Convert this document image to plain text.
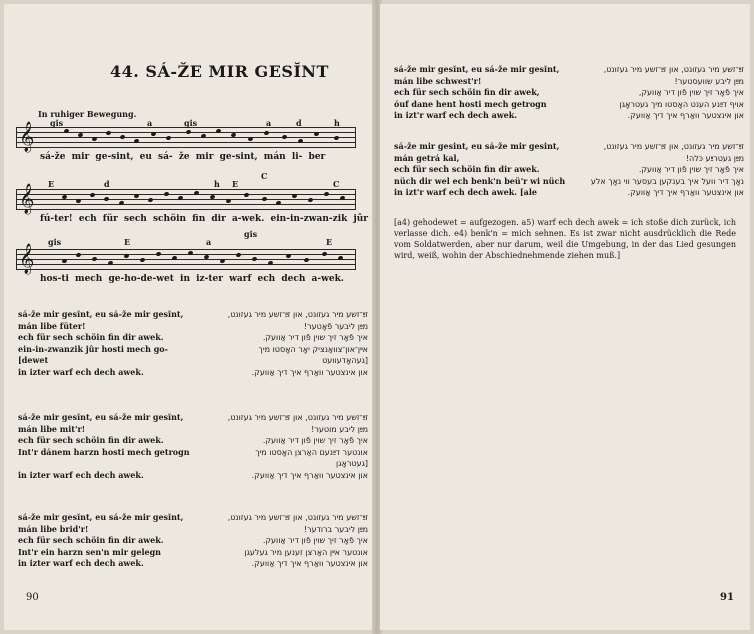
44. SÁ-ŽE MIR GESĬNT
In ruhiger Bewegung.
𝄞 gis	a	gis	a	d	h
sá-že mir ge-sint, eu sá- že mir ge-sint, mán li- ber
𝄞 E	d	h E
C
C
fú-ter! ech für sech schöin fin dir a-wek. ein-in-zwan-zik jûr
𝄞
gis	E	a
gis
E
hos-ti mech ge-ho-de-wet in iz-ter warf ech dech a-wek.
sá-že mir gesĭnt, eu sá-že mir gesĭnt,	זײַ־זשע מיר געזונט, און זײַ־זשע מיר געזונט,
mán libe füter!	מײַן ליבער פֿאָטער!
ech für sech schöin fin dir awek.	איך פֿאָר זיך שוין פֿון דיר אַוועק.
ein-in-zwanzik jûr hosti mech go-	אײן־און־צוואַנציק יאָר האָסטו מיך
[dewet	[געהאָדעוועט
in izter warf ech dech awek.	און אינצטער וואַרף איך דיך אַוועק.
sá-že mir gesĭnt, eu sá-že mir gesĭnt,	זײַ־זשע מיר געזונט, און זײַ־זשע מיר געזונט,
mán libe mit'r!	מײַן ליבע מוטער!
ech für sech schöin fin dir awek.	איך פֿאָר זיך שוין פֿון דיר אַוועק.
Int'r dánem harzn hosti mech getrogn	אונטער דײַנעם האַרצן האָסטו מיך
[געטראָגן
in izter warf ech dech awek.	און אינצטער וואַרף איך דיך אַוועק.
sá-že mir gesĭnt, eu sá-že mir gesĭnt,	זײַ־זשע מיר געזונט, און זײַ־זשע מיר געזונט,
mán libe brid'r!	מײַן ליבער ברודער!
ech für sech schöin fin dir awek.	איך פֿאָר זיך שוין פֿון דיר אַוועק.
Int'r ein harzn sen'n mir gelegn	אונטער אײן האַרצן זענען מיר געלעגן
in izter warf ech dech awek.	און אינצטער וואַרף איך דיך אַוועק.
90
sá-že mir gesĭnt, eu sá-že mir gesĭnt,	זײַ־זשע מיר געזונט, און זײַ־זשע מיר געזונט,
mán libe schwest'r!	מײַן ליבע שוועסטער!
ech für sech schöin fin dir awek,	איך פֿאָר זיך שוין פֿון דיר אַוועק,
óuf dane hent hosti mech getrogn	אויף דײַנע הענט האָסטו מיך געטראָגן
in izt'r warf ech dech awek.	און אינצטער וואַרף איך דיך אַוועק.
sá-že mir gesint, eu sá-že mir gesint,	זײַ־זשע מיר געזונט, און זײַ־זשע מיר געזונט,
mán getrá kal,	מײַן געטרײַע כּלה!
ech für sech schöin fin dir awek.	איך פֿאָר זיך שוין פֿון דיר אַוועק.
nüch dir wel ech benk'n beü'r wi nüch	נאָך דיר וועל איך בענקען בעסער ווי נאָך אלע
in izt'r warf ech dech awek. [ale	און אינצטער וואַרף איך דיך אַוועק.
[a4) gehodewet = aufgezogen. a5) warf ech dech awek = ich stoße dich zurück, ich verlasse dich. e4) benk'n = mich sehnen. Es ist zwar nicht ausdrücklich die Rede vom Soldatwerden, aber nur darum, weil die Umgebung, in der das Lied gesungen wird, weiß, wohin der Abschiednehmende ziehen muß.]
91
